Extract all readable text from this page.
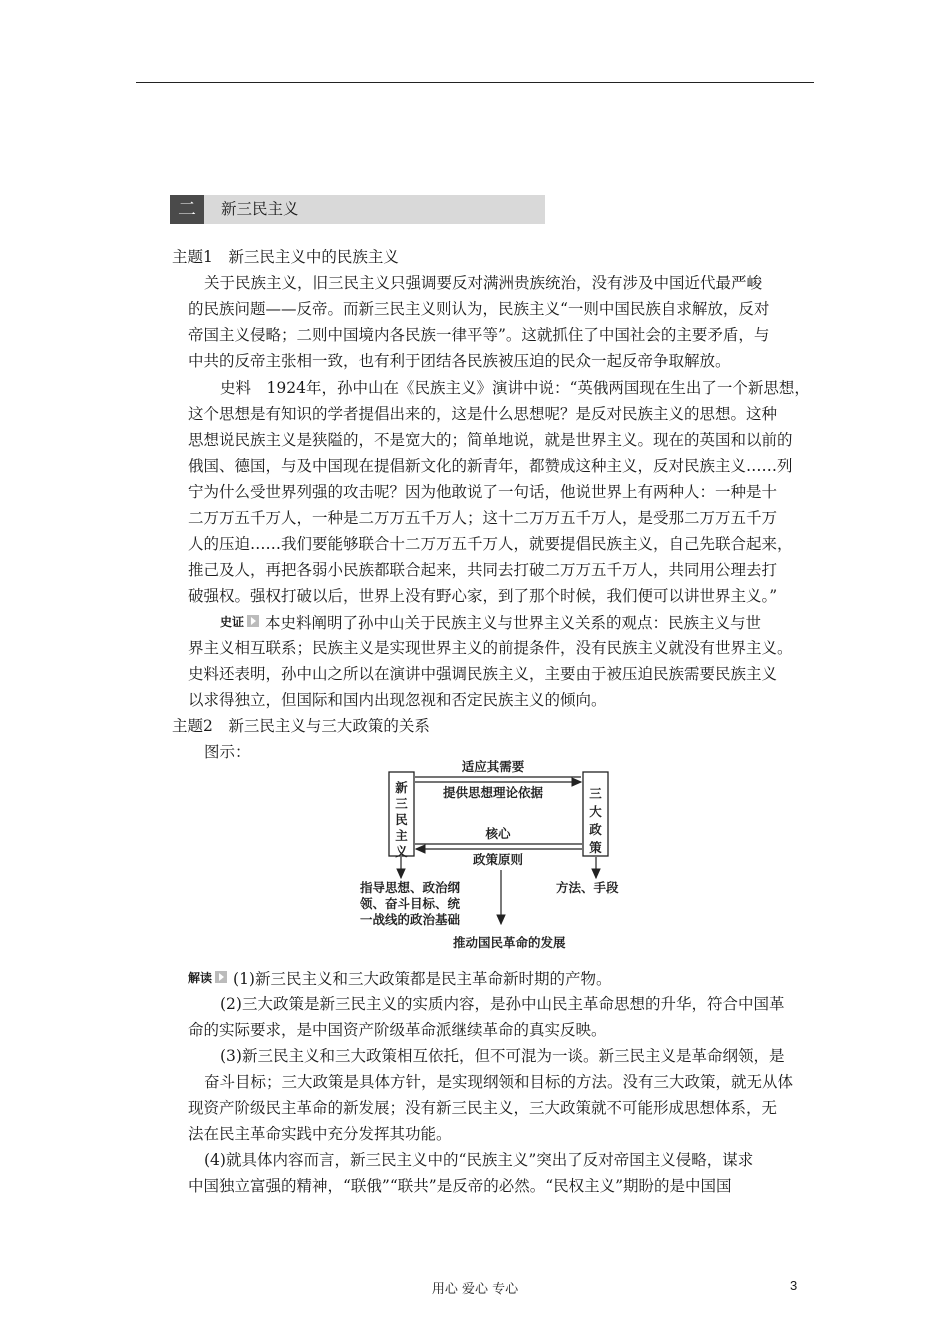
二	新三民主义
主题1　新三民主义中的民族主义
关于民族主义，旧三民主义只强调要反对满洲贵族统治，没有涉及中国近代最严峻
的民族问题——反帝。而新三民主义则认为，民族主义“一则中国民族自求解放，反对
帝国主义侵略；二则中国境内各民族一律平等”。这就抓住了中国社会的主要矛盾，与
中共的反帝主张相一致，也有利于团结各民族被压迫的民众一起反帝争取解放。
史料　1924年，孙中山在《民族主义》演讲中说：“英俄两国现在生出了一个新思想，
这个思想是有知识的学者提倡出来的，这是什么思想呢？是反对民族主义的思想。这种
思想说民族主义是狭隘的，不是宽大的；简单地说，就是世界主义。现在的英国和以前的
俄国、德国，与及中国现在提倡新文化的新青年，都赞成这种主义，反对民族主义……列
宁为什么受世界列强的攻击呢？因为他敢说了一句话，他说世界上有两种人：一种是十
二万万五千万人，一种是二万万五千万人；这十二万万五千万人，是受那二万万五千万
人的压迫……我们要能够联合十二万万五千万人，就要提倡民族主义，自己先联合起来，
推己及人，再把各弱小民族都联合起来，共同去打破二万万五千万人，共同用公理去打
破强权。强权打破以后，世界上没有野心家，到了那个时候，我们便可以讲世界主义。”
史证 本史料阐明了孙中山关于民族主义与世界主义关系的观点：民族主义与世
界主义相互联系；民族主义是实现世界主义的前提条件，没有民族主义就没有世界主义。
史料还表明，孙中山之所以在演讲中强调民族主义，主要由于被压迫民族需要民族主义
以求得独立，但国际和国内出现忽视和否定民族主义的倾向。
主题2　新三民主义与三大政策的关系
图示：
解读 (1)新三民主义和三大政策都是民主革命新时期的产物。
(2)三大政策是新三民主义的实质内容，是孙中山民主革命思想的升华，符合中国革
命的实际要求，是中国资产阶级革命派继续革命的真实反映。
(3)新三民主义和三大政策相互依托，但不可混为一谈。新三民主义是革命纲领，是
奋斗目标；三大政策是具体方针，是实现纲领和目标的方法。没有三大政策，就无从体
现资产阶级民主革命的新发展；没有新三民主义，三大政策就不可能形成思想体系，无
法在民主革命实践中充分发挥其功能。
(4)就具体内容而言，新三民主义中的“民族主义”突出了反对帝国主义侵略，谋求
中国独立富强的精神，“联俄”“联共”是反帝的必然。“民权主义”期盼的是中国国
新
三
民
主
义
三
大
政
策
适应其需要
提供思想理论依据
核心
政策原则
指导思想、政治纲
领、奋斗目标、统
一战线的政治基础
方法、手段
推动国民革命的发展
用心 爱心 专心	3
